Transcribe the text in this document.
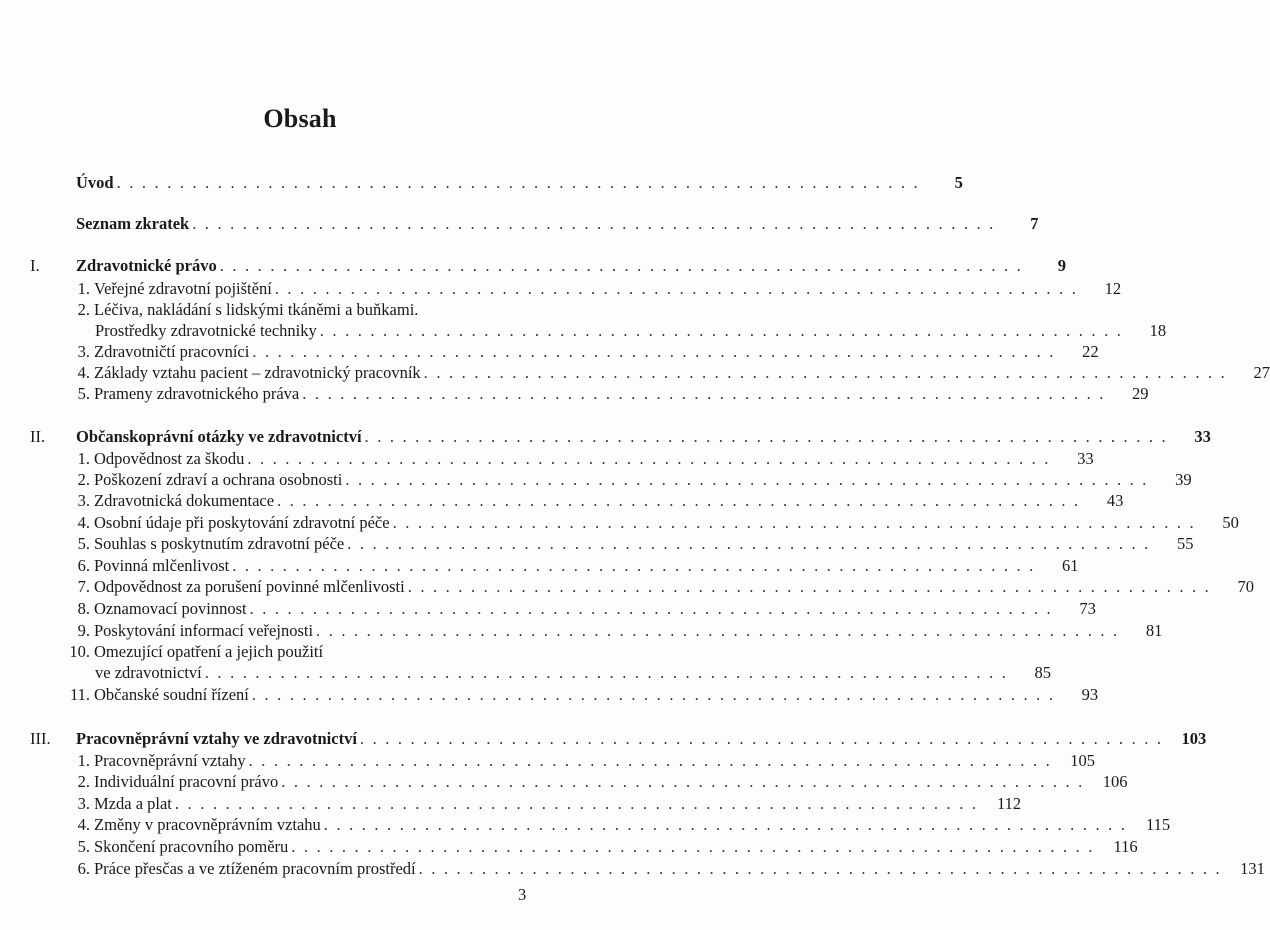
Obsah
Úvod . . . . . . . . . . . . . . . . . . . . . . . . . . . . . . . . . . . . . . . . . . . . . . . . . . . . . . . . . . . . . . . .	5
Seznam zkratek . . . . . . . . . . . . . . . . . . . . . . . . . . . . . . . . . . . . . . . . . . . . . . . . . . . . . . . . . . . . . . . .	7
I. Zdravotnické právo . . . . . . . . . . . . . . . . . . . . . . . . . . . . . . . . . . . . . . . . . . . . . . . . . . . . . . . . . . . . . . . .	9
1. Veřejné zdravotní pojištění . . . . . . . . . . . . . . . . . . . . . . . . . . . . . . . . . . . . . . . . . . . . . . . . . . . . . . . . . . . . . . . .	12
2. Léčiva, nakládání s lidskými tkáněmi a buňkami.
Prostředky zdravotnické techniky . . . . . . . . . . . . . . . . . . . . . . . . . . . . . . . . . . . . . . . . . . . . . . . . . . . . . . . . . . . . . . . .	18
3. Zdravotničtí pracovníci . . . . . . . . . . . . . . . . . . . . . . . . . . . . . . . . . . . . . . . . . . . . . . . . . . . . . . . . . . . . . . . .	22
4. Základy vztahu pacient – zdravotnický pracovník . . . . . . . . . . . . . . . . . . . . . . . . . . . . . . . . . . . . . . . . . . . . . . . . . . . . . . . . . . . . . . . .	27
5. Prameny zdravotnického práva . . . . . . . . . . . . . . . . . . . . . . . . . . . . . . . . . . . . . . . . . . . . . . . . . . . . . . . . . . . . . . . .	29
II. Občanskoprávní otázky ve zdravotnictví . . . . . . . . . . . . . . . . . . . . . . . . . . . . . . . . . . . . . . . . . . . . . . . . . . . . . . . . . . . . . . . .	33
1. Odpovědnost za škodu . . . . . . . . . . . . . . . . . . . . . . . . . . . . . . . . . . . . . . . . . . . . . . . . . . . . . . . . . . . . . . . .	33
2. Poškození zdraví a ochrana osobnosti . . . . . . . . . . . . . . . . . . . . . . . . . . . . . . . . . . . . . . . . . . . . . . . . . . . . . . . . . . . . . . . .	39
3. Zdravotnická dokumentace . . . . . . . . . . . . . . . . . . . . . . . . . . . . . . . . . . . . . . . . . . . . . . . . . . . . . . . . . . . . . . . .	43
4. Osobní údaje při poskytování zdravotní péče . . . . . . . . . . . . . . . . . . . . . . . . . . . . . . . . . . . . . . . . . . . . . . . . . . . . . . . . . . . . . . . .	50
5. Souhlas s poskytnutím zdravotní péče . . . . . . . . . . . . . . . . . . . . . . . . . . . . . . . . . . . . . . . . . . . . . . . . . . . . . . . . . . . . . . . .	55
6. Povinná mlčenlivost . . . . . . . . . . . . . . . . . . . . . . . . . . . . . . . . . . . . . . . . . . . . . . . . . . . . . . . . . . . . . . . .	61
7. Odpovědnost za porušení povinné mlčenlivosti . . . . . . . . . . . . . . . . . . . . . . . . . . . . . . . . . . . . . . . . . . . . . . . . . . . . . . . . . . . . . . . .	70
8. Oznamovací povinnost . . . . . . . . . . . . . . . . . . . . . . . . . . . . . . . . . . . . . . . . . . . . . . . . . . . . . . . . . . . . . . . .	73
9. Poskytování informací veřejnosti . . . . . . . . . . . . . . . . . . . . . . . . . . . . . . . . . . . . . . . . . . . . . . . . . . . . . . . . . . . . . . . .	81
10. Omezující opatření a jejich použití
ve zdravotnictví . . . . . . . . . . . . . . . . . . . . . . . . . . . . . . . . . . . . . . . . . . . . . . . . . . . . . . . . . . . . . . . .	85
11. Občanské soudní řízení . . . . . . . . . . . . . . . . . . . . . . . . . . . . . . . . . . . . . . . . . . . . . . . . . . . . . . . . . . . . . . . .	93
III. Pracovněprávní vztahy ve zdravotnictví . . . . . . . . . . . . . . . . . . . . . . . . . . . . . . . . . . . . . . . . . . . . . . . . . . . . . . . . . . . . . . . .	103
1. Pracovněprávní vztahy . . . . . . . . . . . . . . . . . . . . . . . . . . . . . . . . . . . . . . . . . . . . . . . . . . . . . . . . . . . . . . . .	105
2. Individuální pracovní právo . . . . . . . . . . . . . . . . . . . . . . . . . . . . . . . . . . . . . . . . . . . . . . . . . . . . . . . . . . . . . . . .	106
3. Mzda a plat . . . . . . . . . . . . . . . . . . . . . . . . . . . . . . . . . . . . . . . . . . . . . . . . . . . . . . . . . . . . . . . .	112
4. Změny v pracovněprávním vztahu . . . . . . . . . . . . . . . . . . . . . . . . . . . . . . . . . . . . . . . . . . . . . . . . . . . . . . . . . . . . . . . .	115
5. Skončení pracovního poměru . . . . . . . . . . . . . . . . . . . . . . . . . . . . . . . . . . . . . . . . . . . . . . . . . . . . . . . . . . . . . . . .	116
6. Práce přesčas a ve ztíženém pracovním prostředí . . . . . . . . . . . . . . . . . . . . . . . . . . . . . . . . . . . . . . . . . . . . . . . . . . . . . . . . . . . . . . . .	131
3
